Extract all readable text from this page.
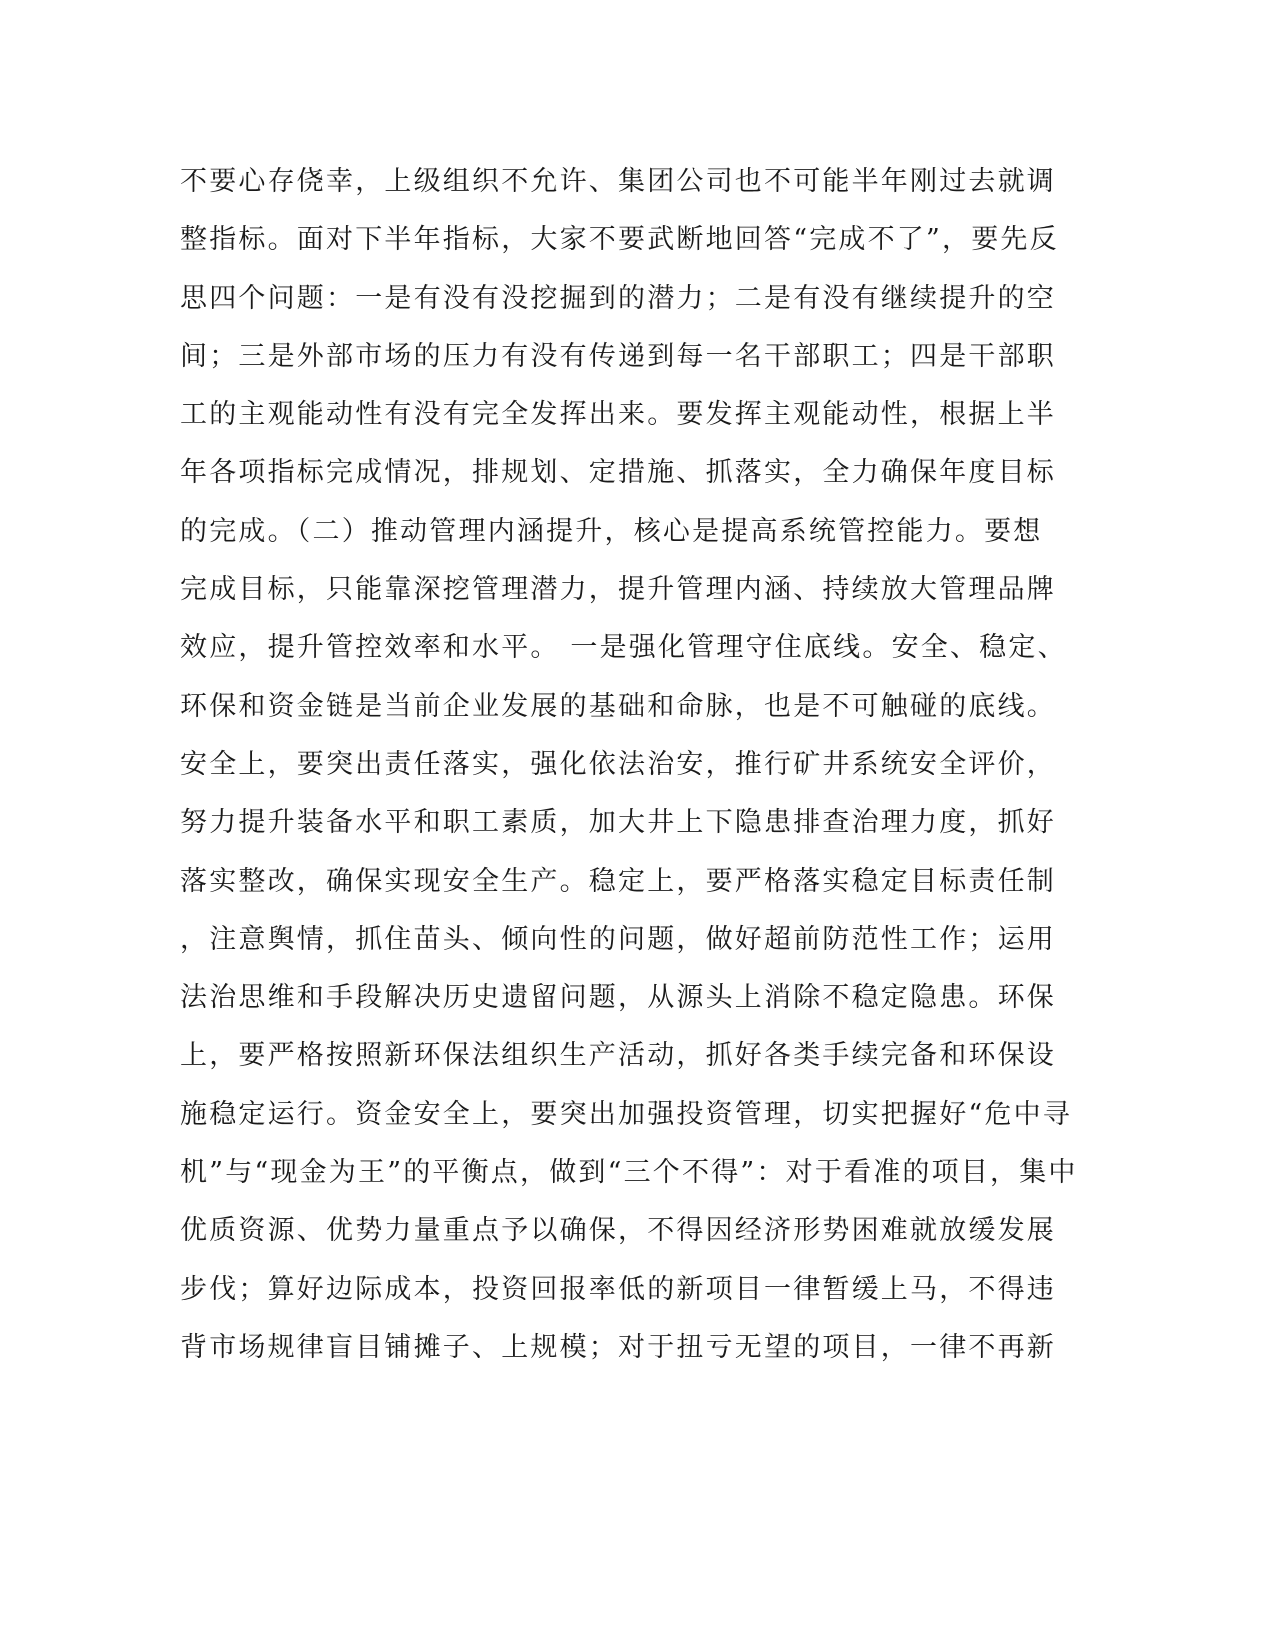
不要心存侥幸，上级组织不允许、集团公司也不可能半年刚过去就调
整指标。面对下半年指标，大家不要武断地回答“完成不了”，要先反
思四个问题：一是有没有没挖掘到的潜力；二是有没有继续提升的空
间；三是外部市场的压力有没有传递到每一名干部职工；四是干部职
工的主观能动性有没有完全发挥出来。要发挥主观能动性，根据上半
年各项指标完成情况，排规划、定措施、抓落实，全力确保年度目标
的完成。（二）推动管理内涵提升，核心是提高系统管控能力。要想
完成目标，只能靠深挖管理潜力，提升管理内涵、持续放大管理品牌
效应，提升管控效率和水平。 一是强化管理守住底线。安全、稳定、
环保和资金链是当前企业发展的基础和命脉，也是不可触碰的底线。
安全上，要突出责任落实，强化依法治安，推行矿井系统安全评价，
努力提升装备水平和职工素质，加大井上下隐患排查治理力度，抓好
落实整改，确保实现安全生产。稳定上，要严格落实稳定目标责任制
，注意舆情，抓住苗头、倾向性的问题，做好超前防范性工作；运用
法治思维和手段解决历史遗留问题，从源头上消除不稳定隐患。环保
上，要严格按照新环保法组织生产活动，抓好各类手续完备和环保设
施稳定运行。资金安全上，要突出加强投资管理，切实把握好“危中寻
机”与“现金为王”的平衡点，做到“三个不得”：对于看准的项目，集中
优质资源、优势力量重点予以确保，不得因经济形势困难就放缓发展
步伐；算好边际成本，投资回报率低的新项目一律暂缓上马，不得违
背市场规律盲目铺摊子、上规模；对于扭亏无望的项目，一律不再新
